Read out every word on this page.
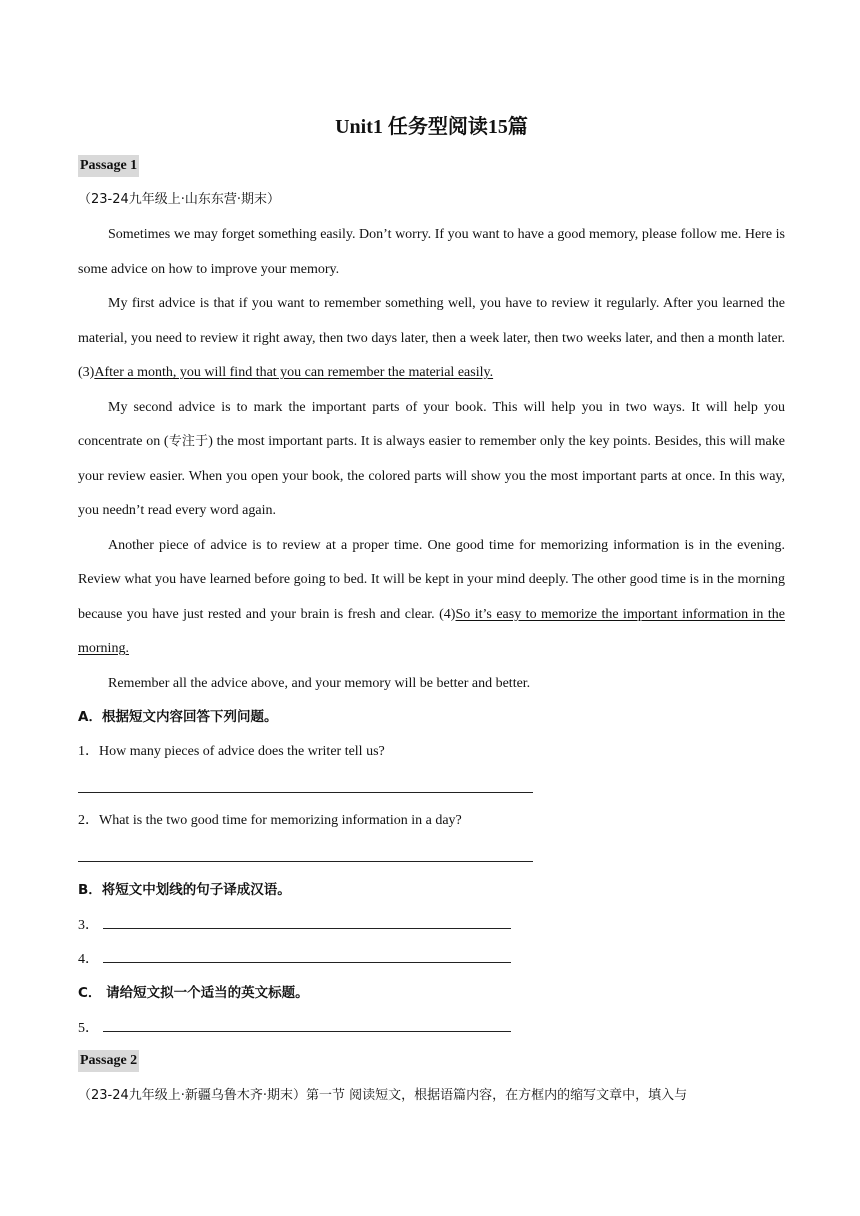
Unit1 任务型阅读15篇
Passage 1
（23-24九年级上·山东东营·期末）

Sometimes we may forget something easily. Don’t worry. If you want to have a good memory, please follow me. Here is some advice on how to improve your memory.

My first advice is that if you want to remember something well, you have to review it regularly. After you learned the material, you need to review it right away, then two days later, then a week later, then two weeks later, and then a month later. (3)After a month, you will find that you can remember the material easily.

My second advice is to mark the important parts of your book. This will help you in two ways. It will help you concentrate on (专注于) the most important parts. It is always easier to remember only the key points. Besides, this will make your review easier. When you open your book, the colored parts will show you the most important parts at once. In this way, you needn’t read every word again.

Another piece of advice is to review at a proper time. One good time for memorizing information is in the evening. Review what you have learned before going to bed. It will be kept in your mind deeply. The other good time is in the morning because you have just rested and your brain is fresh and clear. (4)So it’s easy to memorize the important information in the morning.

Remember all the advice above, and your memory will be better and better.

A．根据短文内容回答下列问题。
1．How many pieces of advice does the writer tell us?
2．What is the two good time for memorizing information in a day?
B．将短文中划线的句子译成汉语。
3．
4．
C． 请给短文拟一个适当的英文标题。
5．
Passage 2
（23-24九年级上·新疆乌鲁木齐·期末）第一节 阅读短文，根据语篇内容，在方框内的缩写文章中，填入与
